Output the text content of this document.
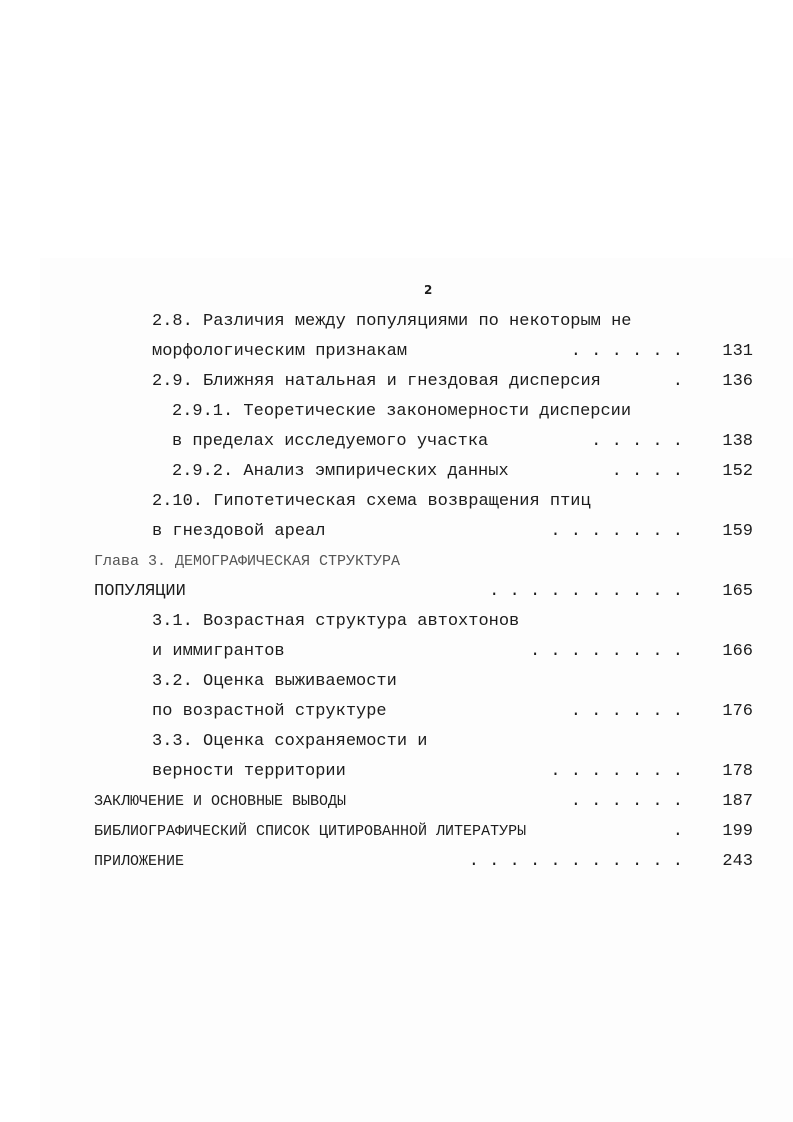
2
2.8. Различия между популяциями по некоторым не
морфологическим признакам	. . . . . . 131
2.9. Ближняя натальная и гнездовая дисперсия	. 136
2.9.1. Теоретические закономерности дисперсии
в пределах исследуемого участка	. . . . . 138
2.9.2. Анализ эмпирических данных	. . . . 152
2.10. Гипотетическая схема возвращения птиц
в гнездовой ареал	. . . . . . . 159
Глава 3. ДЕМОГРАФИЧЕСКАЯ СТРУКТУРА
ПОПУЛЯЦИИ	. . . . . . . . . . 165
3.1. Возрастная структура автохтонов
и иммигрантов	. . . . . . . . 166
3.2. Оценка выживаемости
по возрастной структуре	. . . . . . 176
3.3. Оценка сохраняемости и
верности территории	. . . . . . . 178
ЗАКЛЮЧЕНИЕ И ОСНОВНЫЕ ВЫВОДЫ	. . . . . . 187
БИБЛИОГРАФИЧЕСКИЙ СПИСОК ЦИТИРОВАННОЙ ЛИТЕРАТУРЫ	. 199
ПРИЛОЖЕНИЕ	. . . . . . . . . . . 243
